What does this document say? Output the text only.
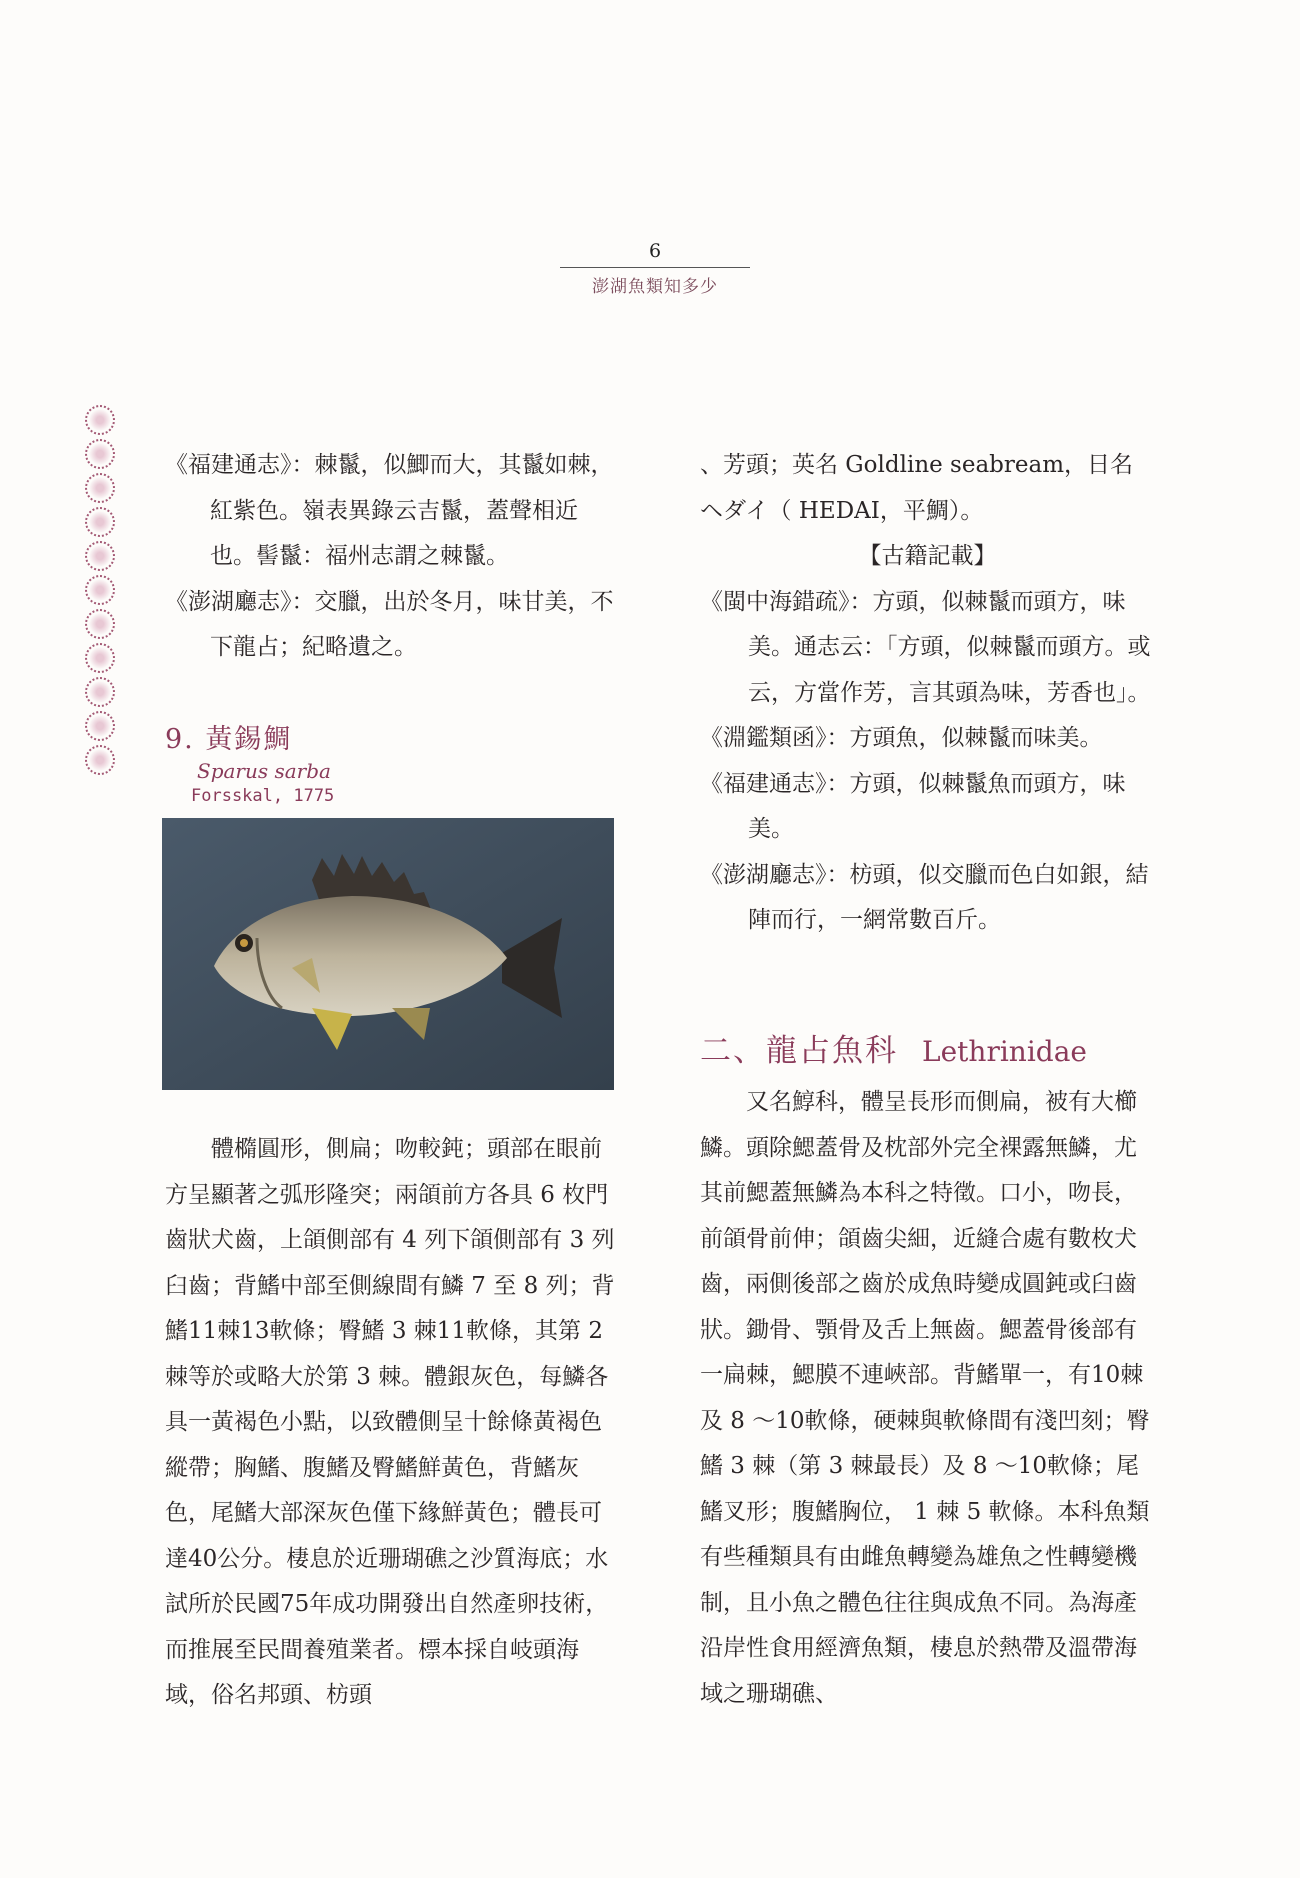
6
澎湖魚類知多少

《福建通志》：棘鬣，似鯽而大，其鬣如棘，紅紫色。嶺表異錄云吉鬣，蓋聲相近也。髻鬣：福州志謂之棘鬣。

《澎湖廳志》：交臘，出於冬月，味甘美，不下龍占；紀略遺之。

9. 黃錫鯛
Sparus sarba
Forsskal, 1775

體橢圓形，側扁；吻較鈍；頭部在眼前方呈顯著之弧形隆突；兩頜前方各具 6 枚門齒狀犬齒，上頜側部有 4 列下頜側部有 3 列臼齒；背鰭中部至側線間有鱗 7 至 8 列；背鰭11棘13軟條；臀鰭 3 棘11軟條，其第 2 棘等於或略大於第 3 棘。體銀灰色，每鱗各具一黃褐色小點，以致體側呈十餘條黃褐色縱帶；胸鰭、腹鰭及臀鰭鮮黃色，背鰭灰色，尾鰭大部深灰色僅下緣鮮黃色；體長可達40公分。棲息於近珊瑚礁之沙質海底；水試所於民國75年成功開發出自然產卵技術，而推展至民間養殖業者。標本採自岐頭海域，俗名邦頭、枋頭

、芳頭；英名 Goldline seabream，日名ヘダイ（ HEDAI，平鯛）。

【古籍記載】

《閩中海錯疏》：方頭，似棘鬣而頭方，味美。通志云：「方頭，似棘鬣而頭方。或云，方當作芳，言其頭為味，芳香也」。

《淵鑑類函》：方頭魚，似棘鬣而味美。

《福建通志》：方頭，似棘鬣魚而頭方，味美。

《澎湖廳志》：枋頭，似交臘而色白如銀，結陣而行，一網常數百斤。

二、龍占魚科 Lethrinidae

又名鯙科，體呈長形而側扁，被有大櫛鱗。頭除鰓蓋骨及枕部外完全裸露無鱗，尤其前鰓蓋無鱗為本科之特徵。口小，吻長，前頜骨前伸；頜齒尖細，近縫合處有數枚犬齒，兩側後部之齒於成魚時變成圓鈍或臼齒狀。鋤骨、顎骨及舌上無齒。鰓蓋骨後部有一扁棘，鰓膜不連峽部。背鰭單一，有10棘及 8 ～10軟條，硬棘與軟條間有淺凹刻；臀鰭 3 棘（第 3 棘最長）及 8 ～10軟條；尾鰭叉形；腹鰭胸位， 1 棘 5 軟條。本科魚類有些種類具有由雌魚轉變為雄魚之性轉變機制，且小魚之體色往往與成魚不同。為海產沿岸性食用經濟魚類，棲息於熱帶及溫帶海域之珊瑚礁、
